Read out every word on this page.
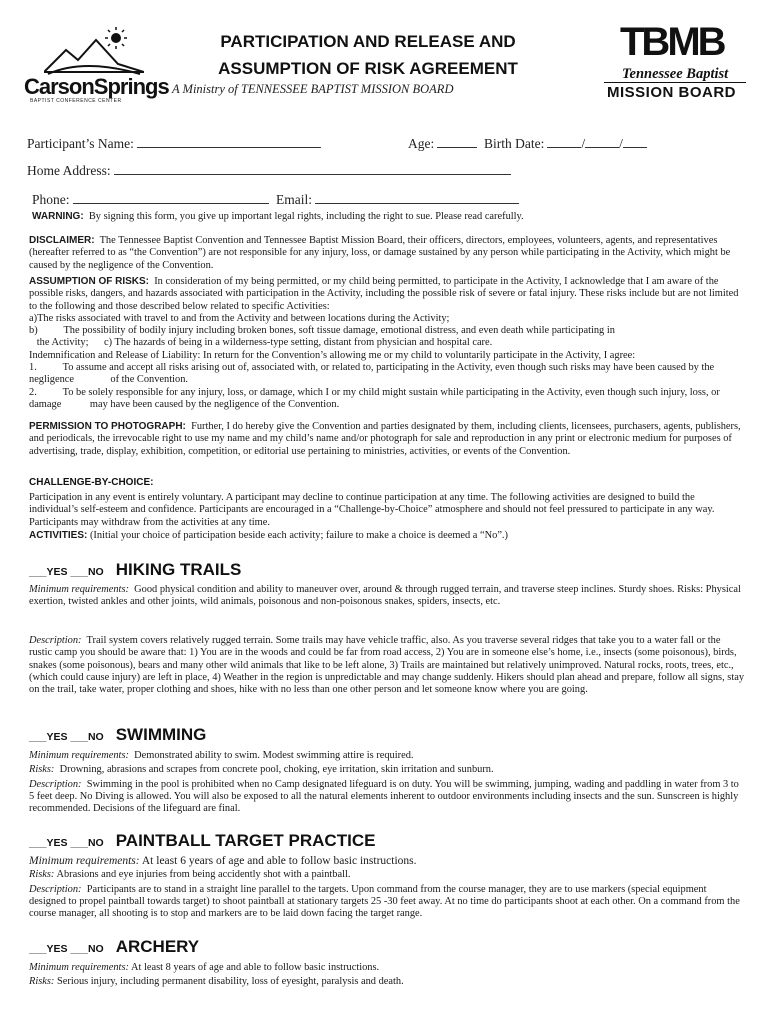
CarsonSprings
BAPTIST CONFERENCE CENTER
PARTICIPATION AND RELEASE AND
ASSUMPTION OF RISK AGREEMENT
A Ministry of TENNESSEE BAPTIST MISSION BOARD
TBMB
Tennessee Baptist
MISSION BOARD
Participant’s Name:	Age:	Birth Date:	/	/
Home Address:
Phone:	Email:
WARNING: By signing this form, you give up important legal rights, including the right to sue. Please read carefully.
DISCLAIMER: The Tennessee Baptist Convention and Tennessee Baptist Mission Board, their officers, directors, employees, volunteers, agents, and representatives (hereafter referred to as “the Convention”) are not responsible for any injury, loss, or damage sustained by any person while participating in the Activity, which might be caused by the negligence of the Convention.
ASSUMPTION OF RISKS: In consideration of my being permitted, or my child being permitted, to participate in the Activity, I acknowledge that I am aware of the possible risks, dangers, and hazards associated with participation in the Activity, including the possible risk of severe or fatal injury. These risks include but are not limited to the following and those described below related to specific Activities:
a)The risks associated with travel to and from the Activity and between locations during the Activity;
b)          The possibility of bodily injury including broken bones, soft tissue damage, emotional distress, and even death while participating in
the Activity;      c) The hazards of being in a wilderness-type setting, distant from physician and hospital care.
Indemnification and Release of Liability: In return for the Convention’s allowing me or my child to voluntarily participate in the Activity, I agree:
1.          To assume and accept all risks arising out of, associated with, or related to, participating in the Activity, even though such risks may have been caused by the negligence              of the Convention.
2.          To be solely responsible for any injury, loss, or damage, which I or my child might sustain while participating in the Activity, even though such injury, loss, or damage           may have been caused by the negligence of the Convention.
PERMISSION TO PHOTOGRAPH: Further, I do hereby give the Convention and parties designated by them, including clients, licensees, purchasers, agents, publishers, and periodicals, the irrevocable right to use my name and my child’s name and/or photograph for sale and reproduction in any print or electronic medium for purposes of advertising, trade, display, exhibition, competition, or editorial use pertaining to ministries, activities, or events of the Convention.
CHALLENGE-BY-CHOICE:
Participation in any event is entirely voluntary. A participant may decline to continue participation at any time. The following activities are designed to build the individual’s self-esteem and confidence. Participants are encouraged in a “Challenge-by-Choice” atmosphere and should not feel pressured to participate in any way. Participants may withdraw from the activities at any time.
ACTIVITIES: (Initial your choice of participation beside each activity; failure to make a choice is deemed a “No”.)
___YES ___NO HIKING TRAILS
Minimum requirements: Good physical condition and ability to maneuver over, around & through rugged terrain, and traverse steep inclines. Sturdy shoes. Risks: Physical exertion, twisted ankles and other joints, wild animals, poisonous and non-poisonous snakes, spiders, insects, etc.
Description: Trail system covers relatively rugged terrain. Some trails may have vehicle traffic, also. As you traverse several ridges that take you to a water fall or the rustic camp you should be aware that: 1) You are in the woods and could be far from road access, 2) You are in someone else’s home, i.e., insects (some poisonous), birds, snakes (some poisonous), bears and many other wild animals that like to be left alone, 3) Trails are maintained but relatively unimproved. Natural rocks, roots, trees, etc., (which could cause injury) are left in place, 4) Weather in the region is unpredictable and may change suddenly. Hikers should plan ahead and prepare, follow all signs, stay on the trail, take water, proper clothing and shoes, hike with no less than one other person and let someone know where you are going.
___YES ___NO SWIMMING
Minimum requirements: Demonstrated ability to swim. Modest swimming attire is required.
Risks: Drowning, abrasions and scrapes from concrete pool, choking, eye irritation, skin irritation and sunburn.
Description: Swimming in the pool is prohibited when no Camp designated lifeguard is on duty. You will be swimming, jumping, wading and paddling in water from 3 to 5 feet deep. No Diving is allowed. You will also be exposed to all the natural elements inherent to outdoor environments including insects and the sun. Sunscreen is highly recommended. Decisions of the lifeguard are final.
___YES ___NO PAINTBALL TARGET PRACTICE
Minimum requirements: At least 6 years of age and able to follow basic instructions.
Risks: Abrasions and eye injuries from being accidently shot with a paintball.
Description: Participants are to stand in a straight line parallel to the targets. Upon command from the course manager, they are to use markers (special equipment designed to propel paintball towards target) to shoot paintball at stationary targets 25 -30 feet away. At no time do participants shoot at each other. On a command from the course manager, all shooting is to stop and markers are to be laid down facing the target range.
___YES ___NO ARCHERY
Minimum requirements: At least 8 years of age and able to follow basic instructions.
Risks: Serious injury, including permanent disability, loss of eyesight, paralysis and death.
